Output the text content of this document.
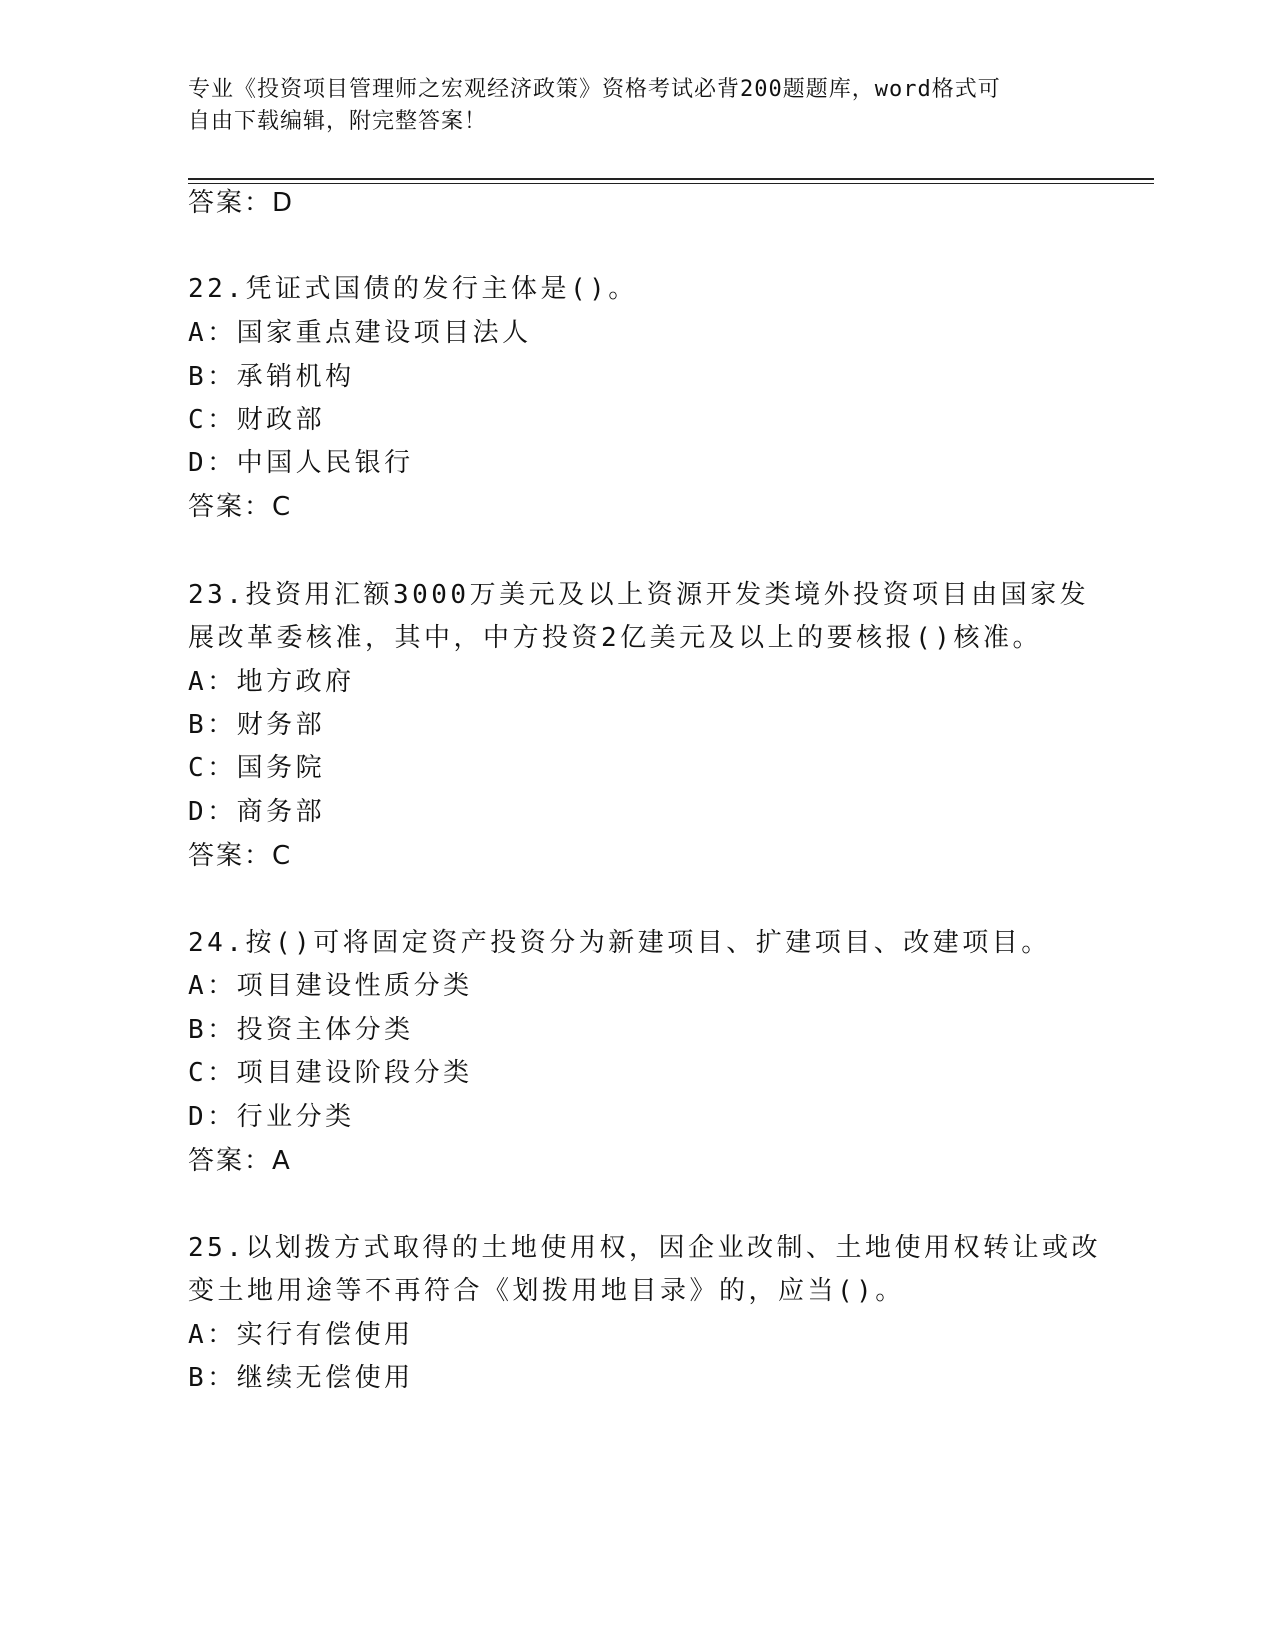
专业《投资项目管理师之宏观经济政策》资格考试必背200题题库，word格式可
自由下载编辑，附完整答案！
答案：D
22.凭证式国债的发行主体是()。
A：国家重点建设项目法人
B：承销机构
C：财政部
D：中国人民银行
答案：C
23.投资用汇额3000万美元及以上资源开发类境外投资项目由国家发
展改革委核准，其中，中方投资2亿美元及以上的要核报()核准。
A：地方政府
B：财务部
C：国务院
D：商务部
答案：C
24.按()可将固定资产投资分为新建项目、扩建项目、改建项目。
A：项目建设性质分类
B：投资主体分类
C：项目建设阶段分类
D：行业分类
答案：A
25.以划拨方式取得的土地使用权，因企业改制、土地使用权转让或改
变土地用途等不再符合《划拨用地目录》的，应当()。
A：实行有偿使用
B：继续无偿使用
